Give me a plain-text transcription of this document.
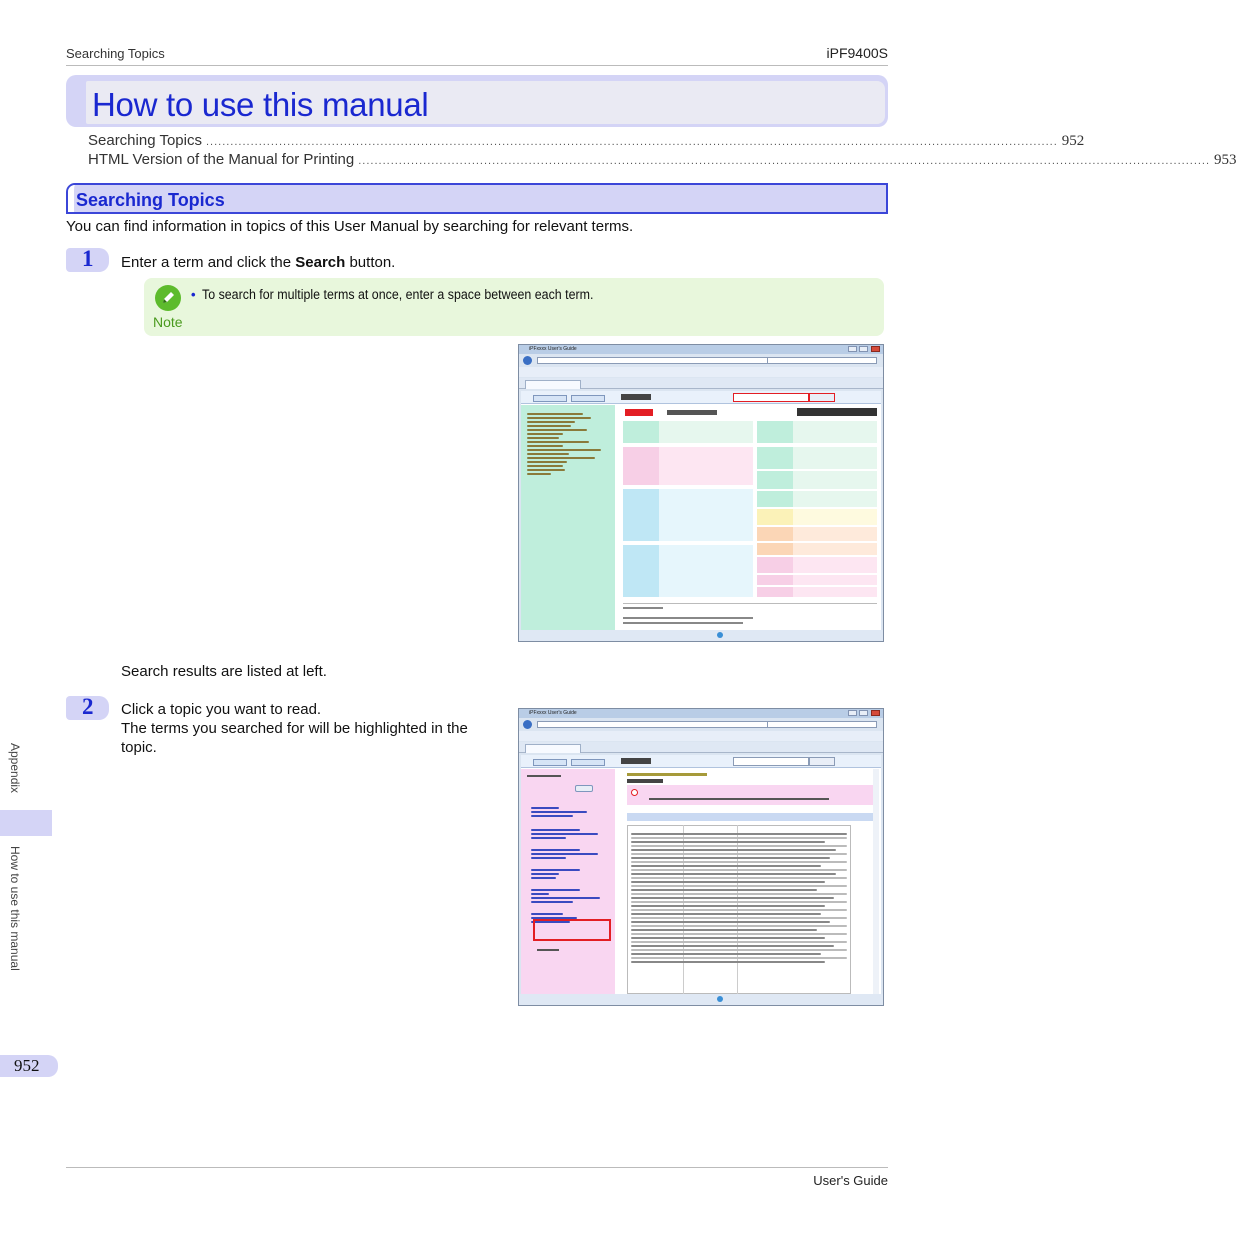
Searching Topics	iPF9400S
How to use this manual
Searching Topics .................................................................................................................................................................................................................. 952
HTML Version of the Manual for Printing .................................................................................................................................................................................................................. 953
Searching Topics
You can find information in topics of this User Manual by searching for relevant terms.
1 Enter a term and click the Search button.
Note
• To search for multiple terms at once, enter a space between each term.
iPFxxxx User's Guide
Search results are listed at left.
2 Click a topic you want to read.
The terms you searched for will be highlighted in the
topic.
iPFxxxx User's Guide
Appendix
How to use this manual
952
User's Guide
